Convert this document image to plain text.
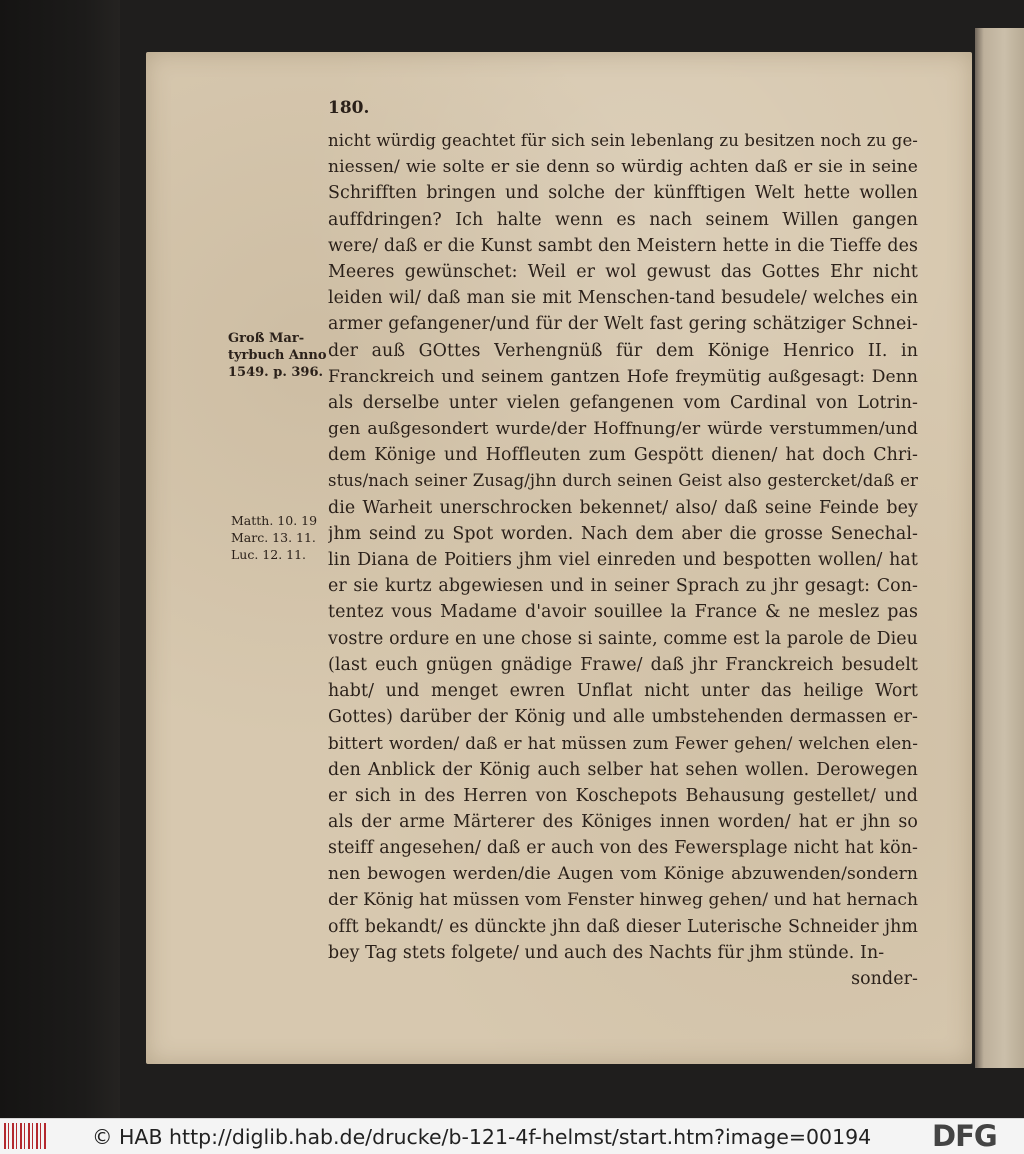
180.
Groß Mar-
tyrbuch Anno
1549. p. 396.
Matth. 10. 19
Marc. 13. 11.
Luc. 12. 11.
nicht würdig geachtet für sich sein lebenlang zu besitzen noch zu ge-
niessen/ wie solte er sie denn so würdig achten daß er sie in seine
Schrifften bringen und solche der künfftigen Welt hette wollen
auffdringen? Ich halte wenn es nach seinem Willen gangen
were/ daß er die Kunst sambt den Meistern hette in die Tieffe des
Meeres gewünschet: Weil er wol gewust das Gottes Ehr nicht
leiden wil/ daß man sie mit Menschen-tand besudele/ welches ein
armer gefangener/und für der Welt fast gering schätziger Schnei-
der auß GOttes Verhengnüß für dem Könige Henrico II. in
Franckreich und seinem gantzen Hofe freymütig außgesagt: Denn
als derselbe unter vielen gefangenen vom Cardinal von Lotrin-
gen außgesondert wurde/der Hoffnung/er würde verstummen/und
dem Könige und Hoffleuten zum Gespött dienen/ hat doch Chri-
stus/nach seiner Zusag/jhn durch seinen Geist also gestercket/daß er
die Warheit unerschrocken bekennet/ also/ daß seine Feinde bey
jhm seind zu Spot worden. Nach dem aber die grosse Senechal-
lin Diana de Poitiers jhm viel einreden und bespotten wollen/ hat
er sie kurtz abgewiesen und in seiner Sprach zu jhr gesagt: Con-
tentez vous Madame d'avoir souillee la France & ne meslez pas
vostre ordure en une chose si sainte, comme est la parole de Dieu
(last euch gnügen gnädige Frawe/ daß jhr Franckreich besudelt
habt/ und menget ewren Unflat nicht unter das heilige Wort
Gottes) darüber der König und alle umbstehenden dermassen er-
bittert worden/ daß er hat müssen zum Fewer gehen/ welchen elen-
den Anblick der König auch selber hat sehen wollen. Derowegen
er sich in des Herren von Koschepots Behausung gestellet/ und
als der arme Märterer des Königes innen worden/ hat er jhn so
steiff angesehen/ daß er auch von des Fewersplage nicht hat kön-
nen bewogen werden/die Augen vom Könige abzuwenden/sondern
der König hat müssen vom Fenster hinweg gehen/ und hat hernach
offt bekandt/ es dünckte jhn daß dieser Luterische Schneider jhm
bey Tag stets folgete/ und auch des Nachts für jhm stünde. In-
sonder-
© HAB http://diglib.hab.de/drucke/b-121-4f-helmst/start.htm?image=00194 DFG
